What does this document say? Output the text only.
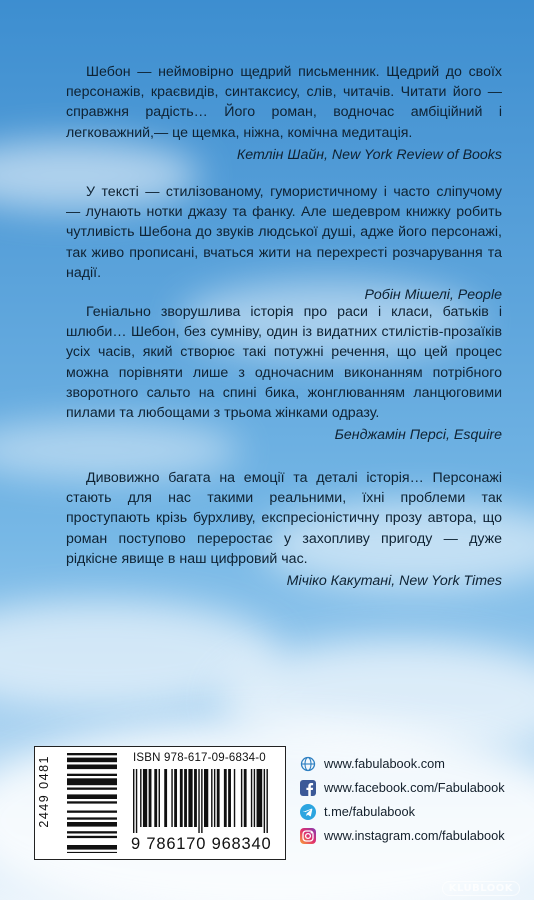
Шебон — неймовірно щедрий письменник. Щедрий до своїх персонажів, краєвидів, синтаксису, слів, читачів. Читати його — справжня радість… Його роман, водночас амбіційний і легковажний,— це щемка, ніжна, комічна медитація.

Кетлін Шайн, New York Review of Books

У тексті — стилізованому, гумористичному і часто сліпучому — лунають нотки джазу та фанку. Але шедевром книжку робить чутливість Шебона до звуків людської душі, адже його персонажі, так живо прописані, вчаться жити на перехресті розчарування та надії.

Робін Мішелі, People

Геніально зворушлива історія про раси і класи, батьків і шлюби… Шебон, без сумніву, один із видатних стилістів-прозаїків усіх часів, який створює такі потужні речення, що цей процес можна порівняти лише з одночасним виконанням потрібного зворотного сальто на спині бика, жонглюванням ланцюговими пилами та любощами з трьома жінками одразу.

Бенджамін Персі, Esquire

Дивовижно багата на емоції та деталі історія… Персонажі стають для нас такими реальними, їхні проблеми так проступають крізь бурхливу, експресіоністичну прозу автора, що роман поступово переростає у захопливу пригоду — дуже рідкісне явище в наш цифровий час.

Мічіко Какутані, New York Times

2449 0481	ISBN 978-617-09-6834-0
9 786170 968340
www.fabulabook.com
www.facebook.com/Fabulabook
t.me/fabulabook
www.instagram.com/fabulabook
KLUBLOOK
